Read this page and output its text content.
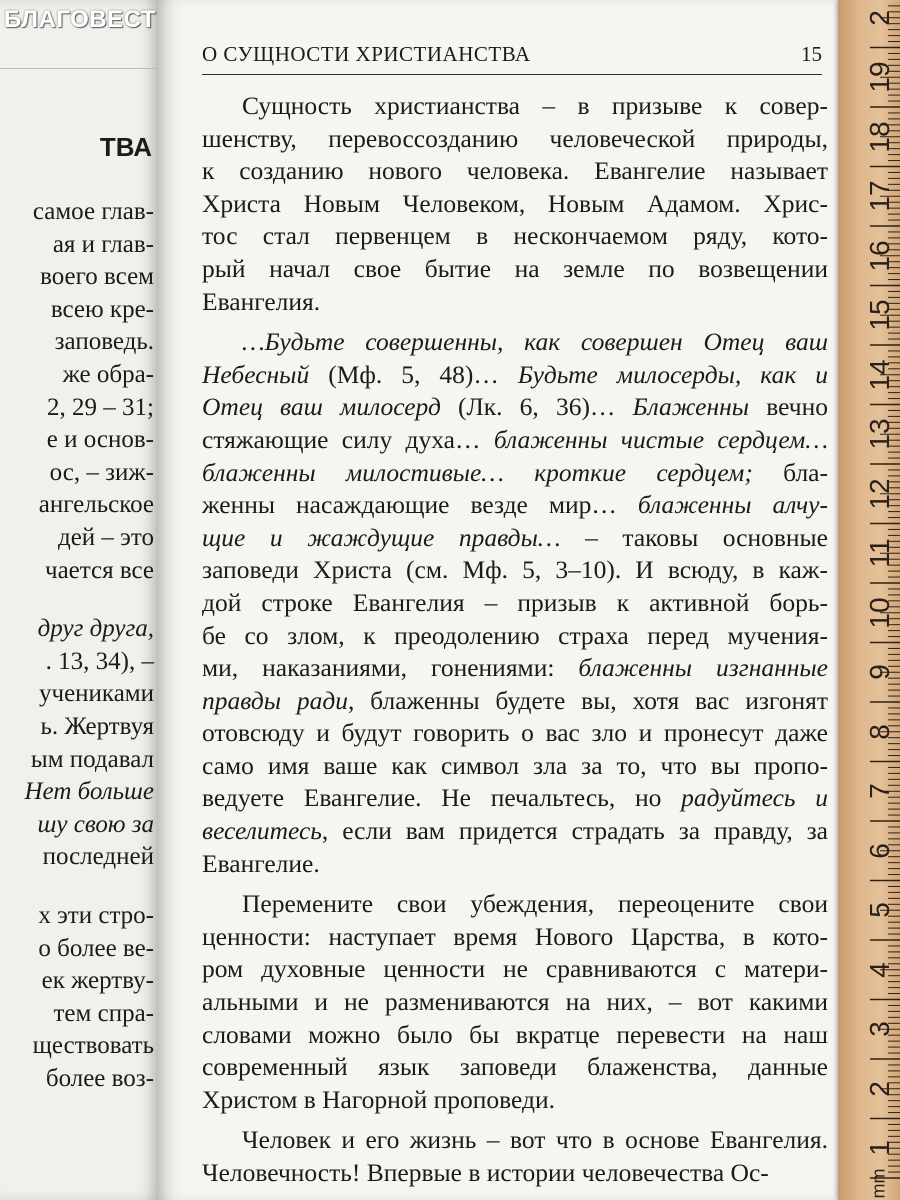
ТВА
самое глав-
ая и глав-
воего всем
всею кре-
заповедь.
же обра-
2, 29 – 31;
е и основ-
ос, – зиж-
ангельское
дей – это
чается все
друг друга,
. 13, 34), –
учениками
ь. Жертвуя
ым подавал
Нет больше
шу свою за
последней
х эти стро-
о более ве-
ек жертву-
тем спра-
ществовать
более воз-
БЛАГОВЕСТ
О СУЩНОСТИ ХРИСТИАНСТВА	15
Сущность христианства – в призыве к совер-
шенству, перевоссозданию человеческой природы,
к созданию нового человека. Евангелие называет
Христа Новым Человеком, Новым Адамом. Хрис-
тос стал первенцем в нескончаемом ряду, кото-
рый начал свое бытие на земле по возвещении
Евангелия.
…Будьте совершенны, как совершен Отец ваш
Небесный (Мф. 5, 48)… Будьте милосерды, как и
Отец ваш милосерд (Лк. 6, 36)… Блаженны вечно
стяжающие силу духа… блаженны чистые сердцем…
блаженны милостивые… кроткие сердцем; бла-
женны насаждающие везде мир… блаженны алчу-
щие и жаждущие правды… – таковы основные
заповеди Христа (см. Мф. 5, 3–10). И всюду, в каж-
дой строке Евангелия – призыв к активной борь-
бе со злом, к преодолению страха перед мучения-
ми, наказаниями, гонениями: блаженны изгнанные
правды ради, блаженны будете вы, хотя вас изгонят
отовсюду и будут говорить о вас зло и пронесут даже
само имя ваше как символ зла за то, что вы пропо-
ведуете Евангелие. Не печальтесь, но радуйтесь и
веселитесь, если вам придется страдать за правду, за
Евангелие.
Перемените свои убеждения, переоцените свои
ценности: наступает время Нового Царства, в кото-
ром духовные ценности не сравниваются с матери-
альными и не размениваются на них, – вот какими
словами можно было бы вкратце перевести на наш
современный язык заповеди блаженства, данные
Христом в Нагорной проповеди.
Человек и его жизнь – вот что в основе Евангелия.
Человечность! Впервые в истории человечества Ос-
2
19
18
17
16
15
14
13
12
11
10
9
8
7
6
5
4
3
2
1
mm
